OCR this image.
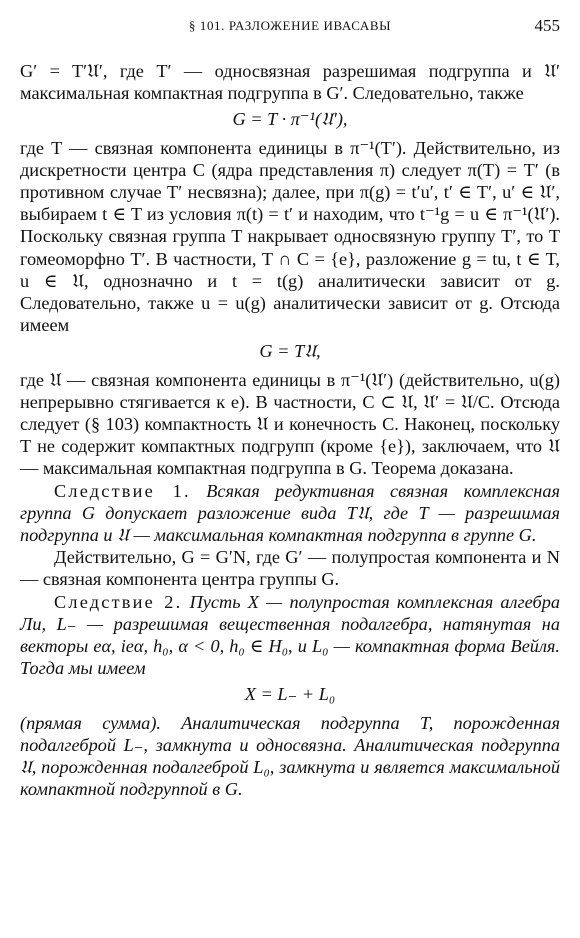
§ 101. РАЗЛОЖЕНИЕ ИВАСАВЫ	455

G′ = T′𝔘′, где T′ — односвязная разрешимая подгруппа и 𝔘′ максимальная компактная подгруппа в G′. Следовательно, также

G = T · π⁻¹(𝔘′),

где T — связная компонента единицы в π⁻¹(T′). Действительно, из дискретности центра C (ядра представления π) следует π(T) = T′ (в противном случае T′ несвязна); далее, при π(g) = t′u′, t′ ∈ T′, u′ ∈ 𝔘′, выбираем t ∈ T из условия π(t) = t′ и находим, что t⁻¹g = u ∈ π⁻¹(𝔘′). Поскольку связная группа T накрывает односвязную группу T′, то T гомеоморфно T′. В частности, T ∩ C = {e}, разложение g = tu, t ∈ T, u ∈ 𝔘, однозначно и t = t(g) аналитически зависит от g. Следовательно, также u = u(g) аналитически зависит от g. Отсюда имеем

G = T𝔘,

где 𝔘 — связная компонента единицы в π⁻¹(𝔘′) (действительно, u(g) непрерывно стягивается к e). В частности, C ⊂ 𝔘, 𝔘′ = 𝔘/C. Отсюда следует (§ 103) компактность 𝔘 и конечность C. Наконец, поскольку T не содержит компактных подгрупп (кроме {e}), заключаем, что 𝔘 — максимальная компактная подгруппа в G. Теорема доказана.

Следствие 1. Всякая редуктивная связная комплексная группа G допускает разложение вида T𝔘, где T — разрешимая подгруппа и 𝔘 — максимальная компактная подгруппа в группе G.

Действительно, G = G′N, где G′ — полупростая компонента и N — связная компонента центра группы G.

Следствие 2. Пусть X — полупростая комплексная алгебра Ли, L₋ — разрешимая вещественная подалгебра, натянутая на векторы eα, ieα, h₀, α < 0, h₀ ∈ H₀, и L₀ — компактная форма Вейля. Тогда мы имеем

X = L₋ + L₀

(прямая сумма). Аналитическая подгруппа T, порожденная подалгеброй L₋, замкнута и односвязна. Аналитическая подгруппа 𝔘, порожденная подалгеброй L₀, замкнута и является максимальной компактной подгруппой в G.
